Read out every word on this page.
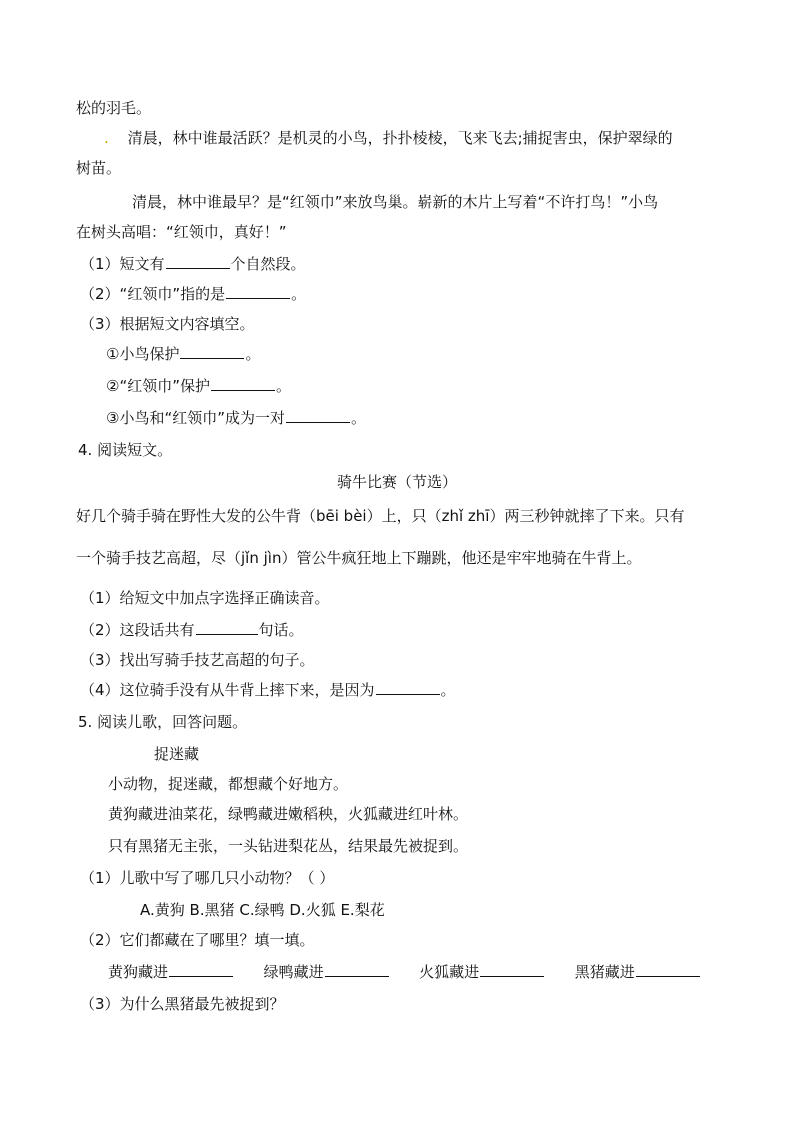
松的羽毛。
. 清晨，林中谁最活跃？是机灵的小鸟，扑扑棱棱，飞来飞去;捕捉害虫，保护翠绿的
树苗。
清晨，林中谁最早？是“红领巾”来放鸟巢。崭新的木片上写着“不许打鸟！”小鸟
在树头高唱：“红领巾，真好！”
（1）短文有	个自然段。
（2）“红领巾”指的是	。
（3）根据短文内容填空。
①小鸟保护	。
②“红领巾”保护	。
③小鸟和“红领巾”成为一对	。
4. 阅读短文。
骑牛比赛（节选）
好几个骑手骑在野性大发的公牛背（bēi bèi）上，只（zhǐ zhī）两三秒钟就摔了下来。只有
一个骑手技艺高超，尽（jǐn jìn）管公牛疯狂地上下蹦跳，他还是牢牢地骑在牛背上。
（1）给短文中加点字选择正确读音。
（2）这段话共有	句话。
（3）找出写骑手技艺高超的句子。
（4）这位骑手没有从牛背上摔下来，是因为	。
5. 阅读儿歌，回答问题。
捉迷藏
小动物，捉迷藏，都想藏个好地方。
黄狗藏进油菜花，绿鸭藏进嫩稻秧，火狐藏进红叶林。
只有黑猪无主张，一头钻进梨花丛，结果最先被捉到。
（1）儿歌中写了哪几只小动物？（ ）
A.黄狗 B.黑猪 C.绿鸭 D.火狐 E.梨花
（2）它们都藏在了哪里？填一填。
黄狗藏进	绿鸭藏进	火狐藏进	黑猪藏进
（3）为什么黑猪最先被捉到？
